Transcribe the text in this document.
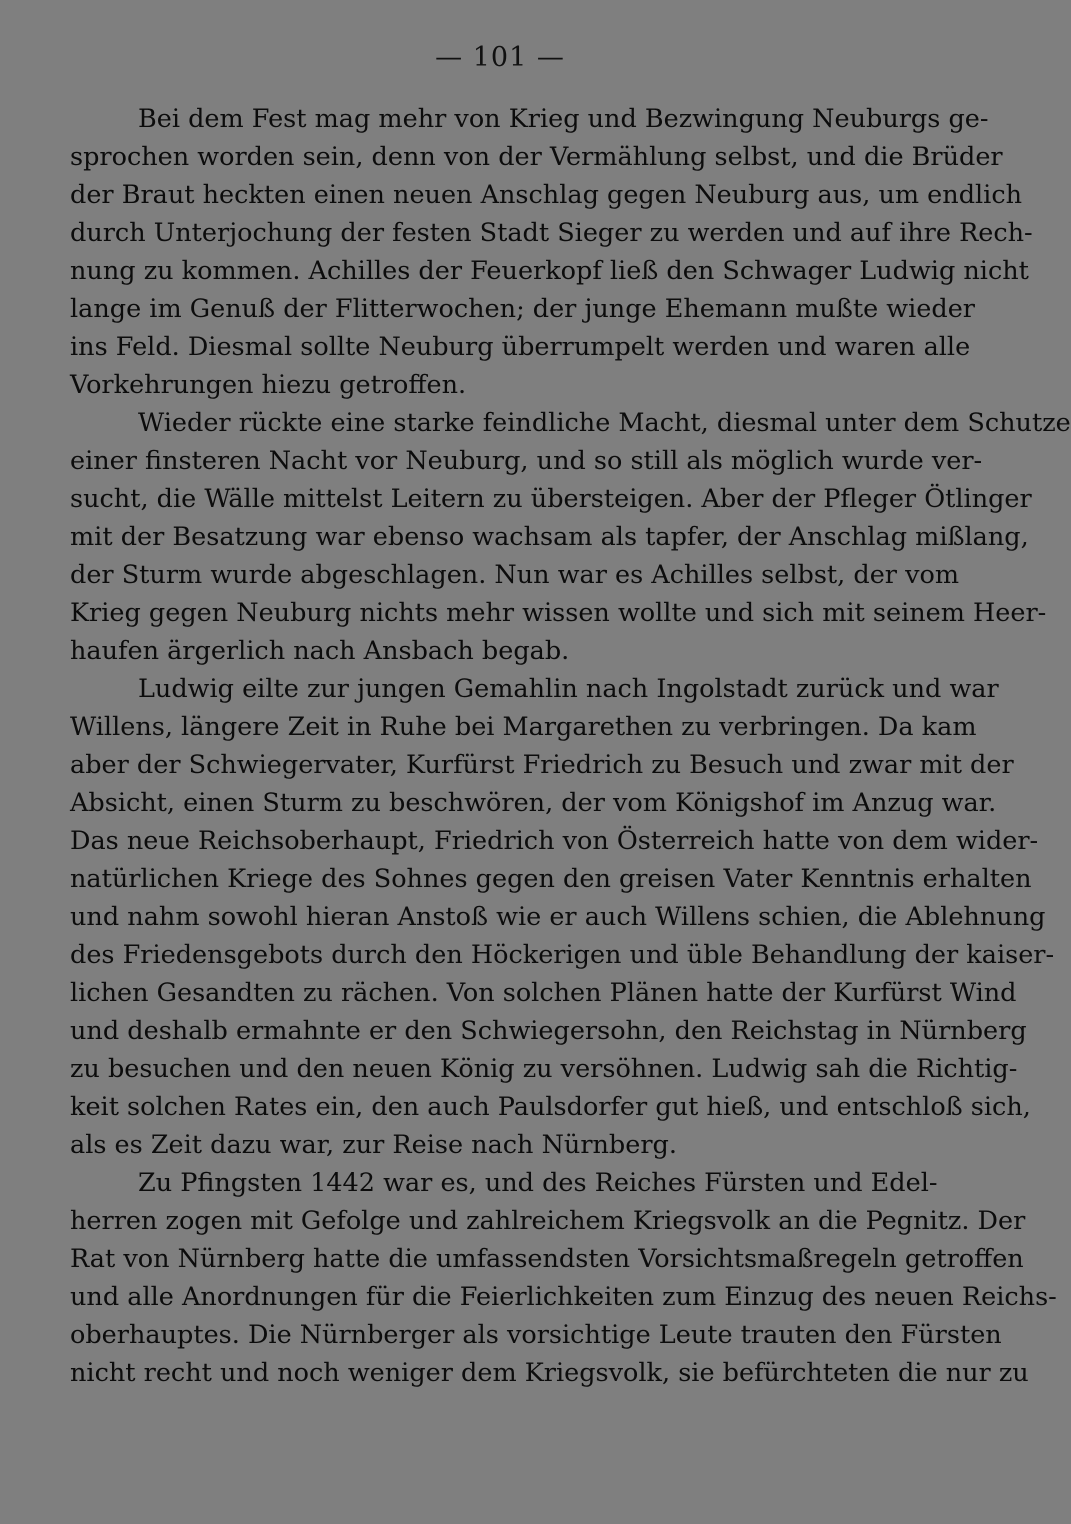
— 101 —
Bei dem Fest mag mehr von Krieg und Bezwingung Neuburgs ge-
sprochen worden sein, denn von der Vermählung selbst, und die Brüder
der Braut heckten einen neuen Anschlag gegen Neuburg aus, um endlich
durch Unterjochung der festen Stadt Sieger zu werden und auf ihre Rech-
nung zu kommen. Achilles der Feuerkopf ließ den Schwager Ludwig nicht
lange im Genuß der Flitterwochen; der junge Ehemann mußte wieder
ins Feld. Diesmal sollte Neuburg überrumpelt werden und waren alle
Vorkehrungen hiezu getroffen.
Wieder rückte eine starke feindliche Macht, diesmal unter dem Schutze
einer finsteren Nacht vor Neuburg, und so still als möglich wurde ver-
sucht, die Wälle mittelst Leitern zu übersteigen. Aber der Pfleger Ötlinger
mit der Besatzung war ebenso wachsam als tapfer, der Anschlag mißlang,
der Sturm wurde abgeschlagen. Nun war es Achilles selbst, der vom
Krieg gegen Neuburg nichts mehr wissen wollte und sich mit seinem Heer-
haufen ärgerlich nach Ansbach begab.
Ludwig eilte zur jungen Gemahlin nach Ingolstadt zurück und war
Willens, längere Zeit in Ruhe bei Margarethen zu verbringen. Da kam
aber der Schwiegervater, Kurfürst Friedrich zu Besuch und zwar mit der
Absicht, einen Sturm zu beschwören, der vom Königshof im Anzug war.
Das neue Reichsoberhaupt, Friedrich von Österreich hatte von dem wider-
natürlichen Kriege des Sohnes gegen den greisen Vater Kenntnis erhalten
und nahm sowohl hieran Anstoß wie er auch Willens schien, die Ablehnung
des Friedensgebots durch den Höckerigen und üble Behandlung der kaiser-
lichen Gesandten zu rächen. Von solchen Plänen hatte der Kurfürst Wind
und deshalb ermahnte er den Schwiegersohn, den Reichstag in Nürnberg
zu besuchen und den neuen König zu versöhnen. Ludwig sah die Richtig-
keit solchen Rates ein, den auch Paulsdorfer gut hieß, und entschloß sich,
als es Zeit dazu war, zur Reise nach Nürnberg.
Zu Pfingsten 1442 war es, und des Reiches Fürsten und Edel-
herren zogen mit Gefolge und zahlreichem Kriegsvolk an die Pegnitz. Der
Rat von Nürnberg hatte die umfassendsten Vorsichtsmaßregeln getroffen
und alle Anordnungen für die Feierlichkeiten zum Einzug des neuen Reichs-
oberhauptes. Die Nürnberger als vorsichtige Leute trauten den Fürsten
nicht recht und noch weniger dem Kriegsvolk, sie befürchteten die nur zu
